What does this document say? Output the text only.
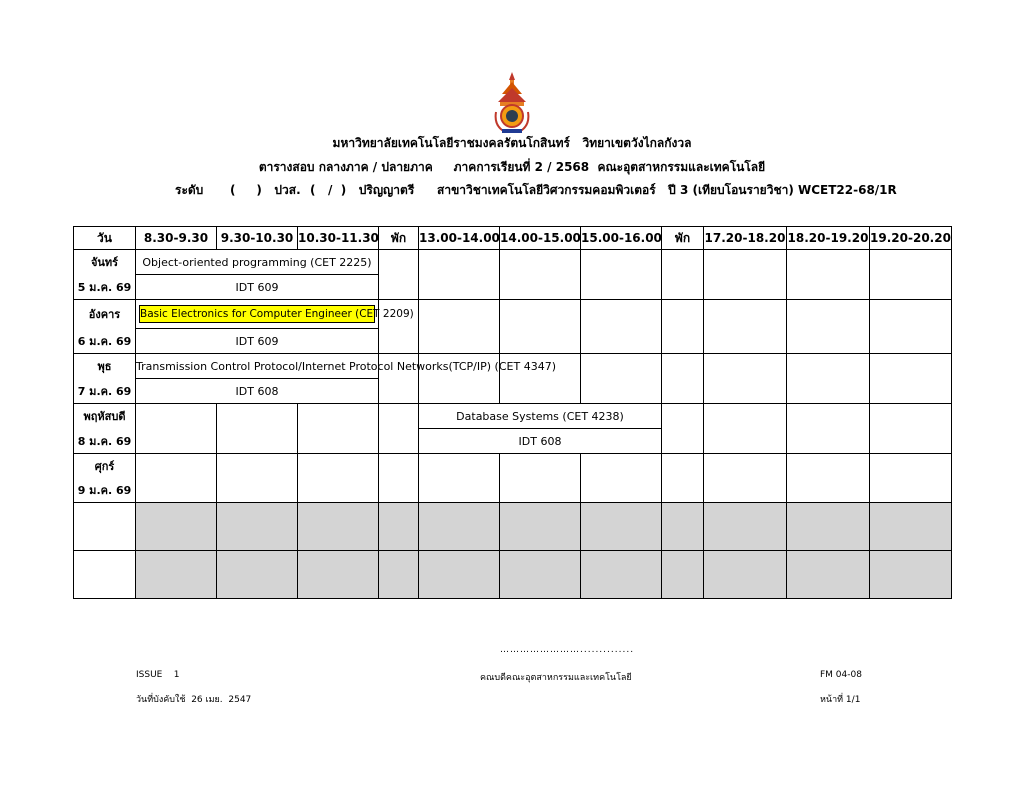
มหาวิทยาลัยเทคโนโลยีราชมงคลรัตนโกสินทร์   วิทยาเขตวังไกลกังวล
ตารางสอบ กลางภาค / ปลายภาค     ภาคการเรียนที่ 2 / 2568  คณะอุตสาหกรรมและเทคโนโลยี
ระดับ (     )   ปวส. (   /  )   ปริญญาตรี สาขาวิชาเทคโนโลยีวิศวกรรมคอมพิวเตอร์   ปี 3 (เทียบโอนรายวิชา) WCET22-68/1R
วัน	8.30-9.30	9.30-10.30	10.30-11.30	พัก	13.00-14.00	14.00-15.00	15.00-16.00	พัก	17.20-18.20	18.20-19.20	19.20-20.20
จันทร์	Object-oriented programming (CET 2225)										
5 ม.ค. 69	IDT 609										
อังคาร	Basic Electronics for Computer Engineer (CET 2209)										

6 ม.ค. 69	IDT 609										
พุธ	Transmission Control Protocol/Internet Protocol Networks(TCP/IP) (CET 4347)										
7 ม.ค. 69	IDT 608										
พฤหัสบดี					Database Systems (CET 4238)						
8 ม.ค. 69					IDT 608						
ศุกร์											
9 ม.ค. 69											

……………………..............
ISSUE    1	คณบดีคณะอุตสาหกรรมและเทคโนโลยี	FM 04-08
วันที่บังคับใช้  26 เมย.  2547	หน้าที่ 1/1
